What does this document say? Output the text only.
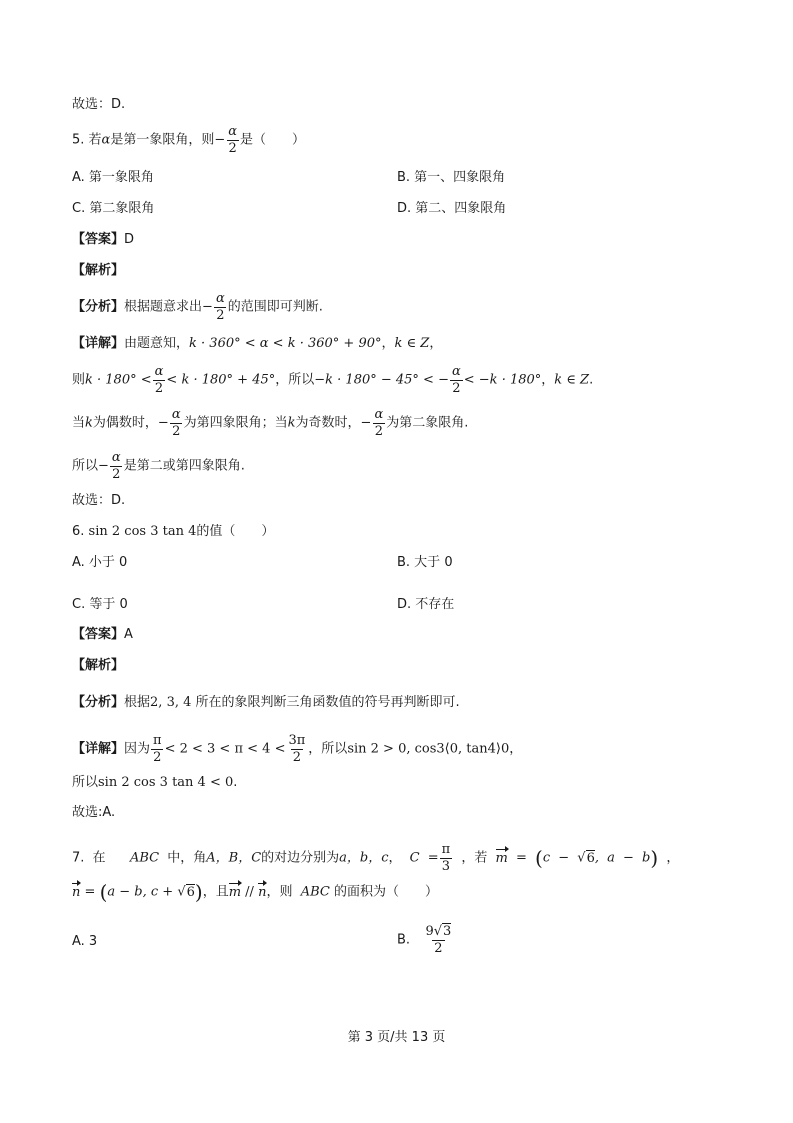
故选：D.
5. 若α是第一象限角，则− $\frac{\alpha}{2}$ 是（　　）
A. 第一象限角	B. 第一、四象限角
C. 第二象限角	D. 第二、四象限角
【答案】D
【解析】
【分析】根据题意求出− $\frac{\alpha}{2}$ 的范围即可判断.
【详解】由题意知，k · 360° < α < k · 360° + 90°，k ∈ Z，
则$k \cdot 180^\circ < \frac{\alpha}{2} < k \cdot 180^\circ + 45^\circ$，所以−k · 180° − 45° < − $\frac{\alpha}{2} < -k \cdot 180^\circ$，k ∈ Z.
当k为偶数时，− $\frac{\alpha}{2}$ 为第四象限角；当k为奇数时，− $\frac{\alpha}{2}$ 为第二象限角.
所以− $\frac{\alpha}{2}$ 是第二或第四象限角.
故选：D.
6. sin 2 cos 3 tan 4的值（　　）
A. 小于 0	B. 大于 0
C. 等于 0	D. 不存在
【答案】A
【解析】
【分析】根据2, 3, 4 所在的象限判断三角函数值的符号再判断即可.
【详解】因为 $\frac{\pi}{2} < 2 < 3 < \pi < 4 < \frac{3\pi}{2}$ ，所以sin 2 > 0, cos3⟨0, tan4⟩0，
所以sin 2 cos 3 tan 4 < 0.
故选:A.
7. 在 ABC 中，角A，B，C的对边分别为a，b，c， $C = \frac{\pi}{3}$ ，若 m = (c − √6, a − b) ，
n = (a − b, c + √6)，且m // n，则 ABC 的面积为（　　）
A. 3	B. $\frac{9√3}{2}$
第 3 页/共 13 页
